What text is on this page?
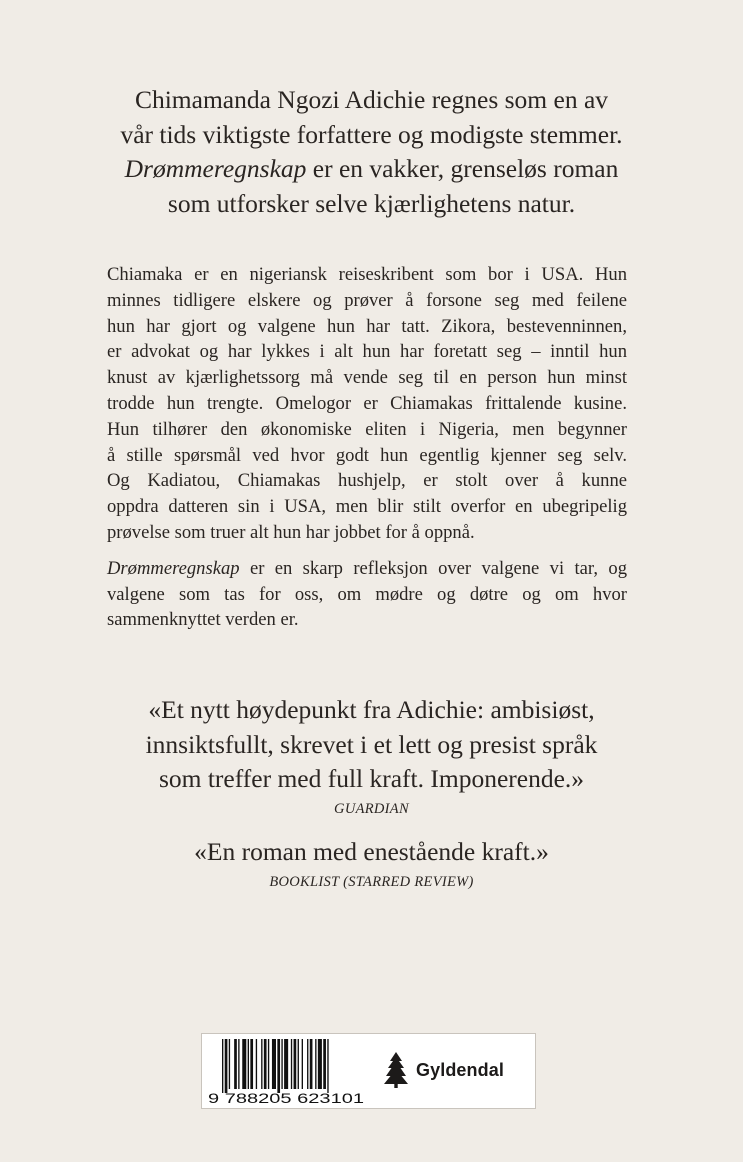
Chimamanda Ngozi Adichie regnes som en av
vår tids viktigste forfattere og modigste stemmer.
Drømmeregnskap er en vakker, grenseløs roman
som utforsker selve kjærlighetens natur.

Chiamaka er en nigeriansk reiseskribent som bor i USA. Hun
minnes tidligere elskere og prøver å forsone seg med feilene
hun har gjort og valgene hun har tatt. Zikora, bestevenninnen,
er advokat og har lykkes i alt hun har foretatt seg – inntil hun
knust av kjærlighetssorg må vende seg til en person hun minst
trodde hun trengte. Omelogor er Chiamakas frittalende kusine.
Hun tilhører den økonomiske eliten i Nigeria, men begynner
å stille spørsmål ved hvor godt hun egentlig kjenner seg selv.
Og Kadiatou, Chiamakas hushjelp, er stolt over å kunne
oppdra datteren sin i USA, men blir stilt overfor en ubegripelig
prøvelse som truer alt hun har jobbet for å oppnå.

Drømmeregnskap er en skarp refleksjon over valgene vi tar, og
valgene som tas for oss, om mødre og døtre og om hvor
sammenknyttet verden er.

«Et nytt høydepunkt fra Adichie: ambisiøst,
innsiktsfullt, skrevet i et lett og presist språk
som treffer med full kraft. Imponerende.»
GUARDIAN
«En roman med enestående kraft.»
BOOKLIST (STARRED REVIEW)
9 788205 623101
Gyldendal
